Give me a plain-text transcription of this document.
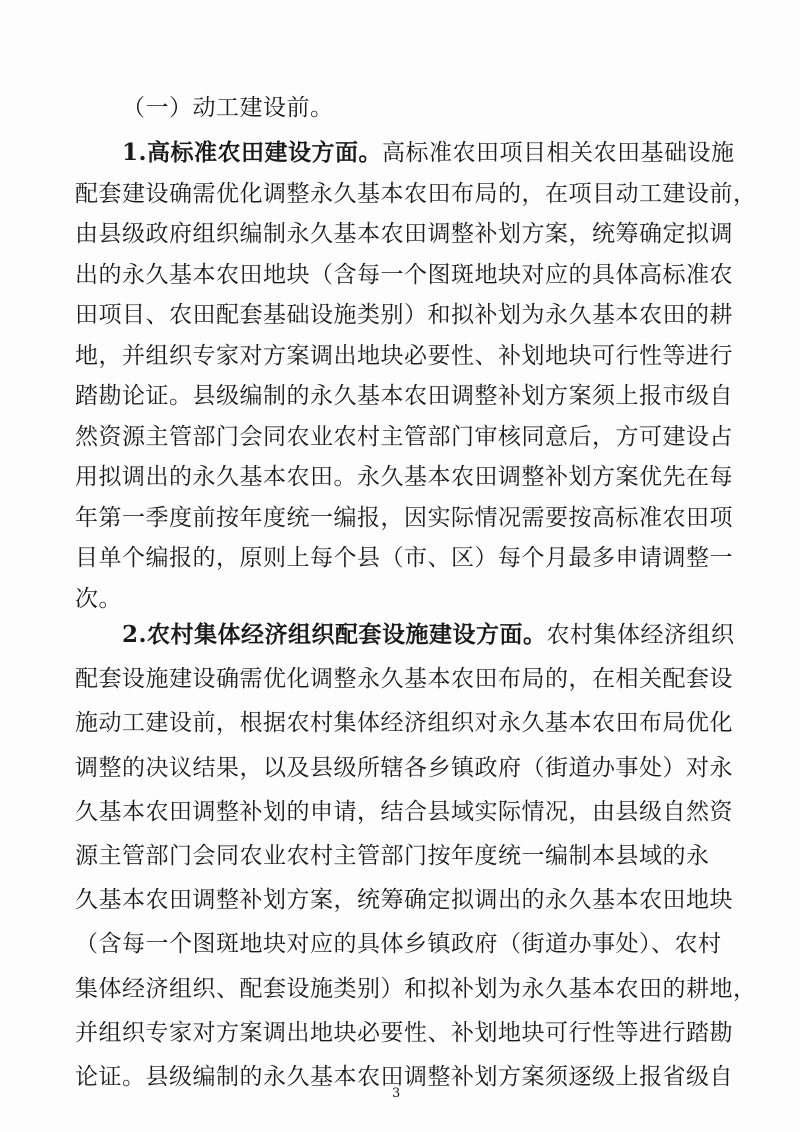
（一）动工建设前。
1.高标准农田建设方面。高标准农田项目相关农田基础设施
配套建设确需优化调整永久基本农田布局的，在项目动工建设前，
由县级政府组织编制永久基本农田调整补划方案，统筹确定拟调
出的永久基本农田地块（含每一个图斑地块对应的具体高标准农
田项目、农田配套基础设施类别）和拟补划为永久基本农田的耕
地，并组织专家对方案调出地块必要性、补划地块可行性等进行
踏勘论证。县级编制的永久基本农田调整补划方案须上报市级自
然资源主管部门会同农业农村主管部门审核同意后，方可建设占
用拟调出的永久基本农田。永久基本农田调整补划方案优先在每
年第一季度前按年度统一编报，因实际情况需要按高标准农田项
目单个编报的，原则上每个县（市、区）每个月最多申请调整一
次。
2.农村集体经济组织配套设施建设方面。农村集体经济组织
配套设施建设确需优化调整永久基本农田布局的，在相关配套设
施动工建设前，根据农村集体经济组织对永久基本农田布局优化
调整的决议结果，以及县级所辖各乡镇政府（街道办事处）对永
久基本农田调整补划的申请，结合县域实际情况，由县级自然资
源主管部门会同农业农村主管部门按年度统一编制本县域的永
久基本农田调整补划方案，统筹确定拟调出的永久基本农田地块
（含每一个图斑地块对应的具体乡镇政府（街道办事处）、农村
集体经济组织、配套设施类别）和拟补划为永久基本农田的耕地，
并组织专家对方案调出地块必要性、补划地块可行性等进行踏勘
论证。县级编制的永久基本农田调整补划方案须逐级上报省级自
3
